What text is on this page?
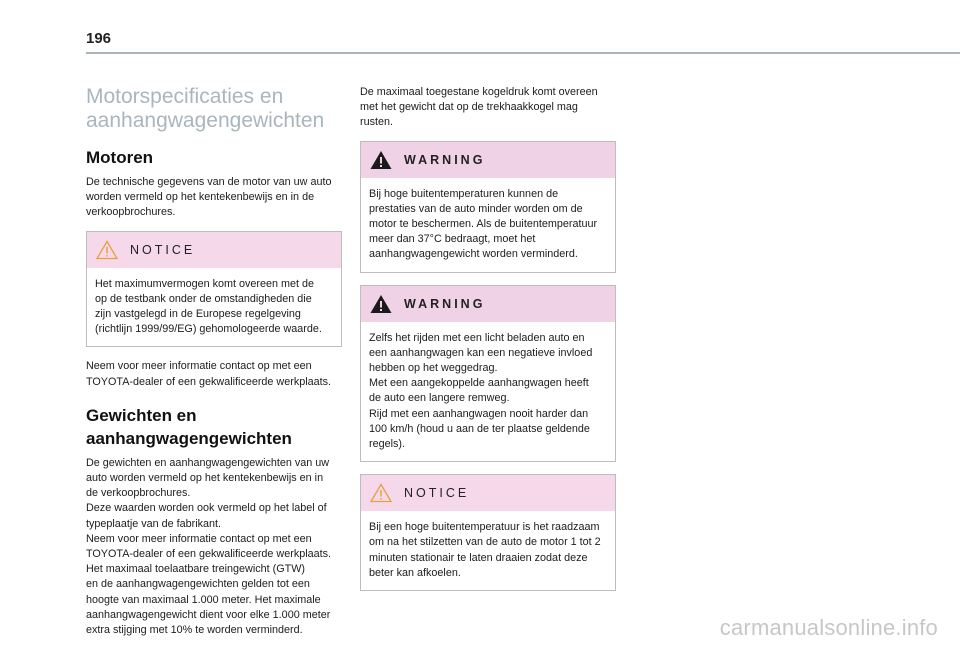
196
Motorspecificaties en
aanhangwagengewichten
Motoren

De technische gegevens van de motor van uw auto
worden vermeld op het kentekenbewijs en in de
verkoopbrochures.

NOTICE
Het maximumvermogen komt overeen met de
op de testbank onder de omstandigheden die
zijn vastgelegd in de Europese regelgeving
(richtlijn 1999/99/EG) gehomologeerde waarde.

Neem voor meer informatie contact op met een
TOYOTA-dealer of een gekwalificeerde werkplaats.

Gewichten en
aanhangwagengewichten

De gewichten en aanhangwagengewichten van uw
auto worden vermeld op het kentekenbewijs en in
de verkoopbrochures.
Deze waarden worden ook vermeld op het label of
typeplaatje van de fabrikant.
Neem voor meer informatie contact op met een
TOYOTA-dealer of een gekwalificeerde werkplaats.
Het maximaal toelaatbare treingewicht (GTW)
en de aanhangwagengewichten gelden tot een
hoogte van maximaal 1.000 meter. Het maximale
aanhangwagengewicht dient voor elke 1.000 meter
extra stijging met 10% te worden verminderd.

De maximaal toegestane kogeldruk komt overeen
met het gewicht dat op de trekhaakkogel mag
rusten.

WARNING
Bij hoge buitentemperaturen kunnen de
prestaties van de auto minder worden om de
motor te beschermen. Als de buitentemperatuur
meer dan 37°C bedraagt, moet het
aanhangwagengewicht worden verminderd.
WARNING
Zelfs het rijden met een licht beladen auto en
een aanhangwagen kan een negatieve invloed
hebben op het weggedrag.
Met een aangekoppelde aanhangwagen heeft
de auto een langere remweg.
Rijd met een aanhangwagen nooit harder dan
100 km/h (houd u aan de ter plaatse geldende
regels).
NOTICE
Bij een hoge buitentemperatuur is het raadzaam
om na het stilzetten van de auto de motor 1 tot 2
minuten stationair te laten draaien zodat deze
beter kan afkoelen.
carmanualsonline.info
